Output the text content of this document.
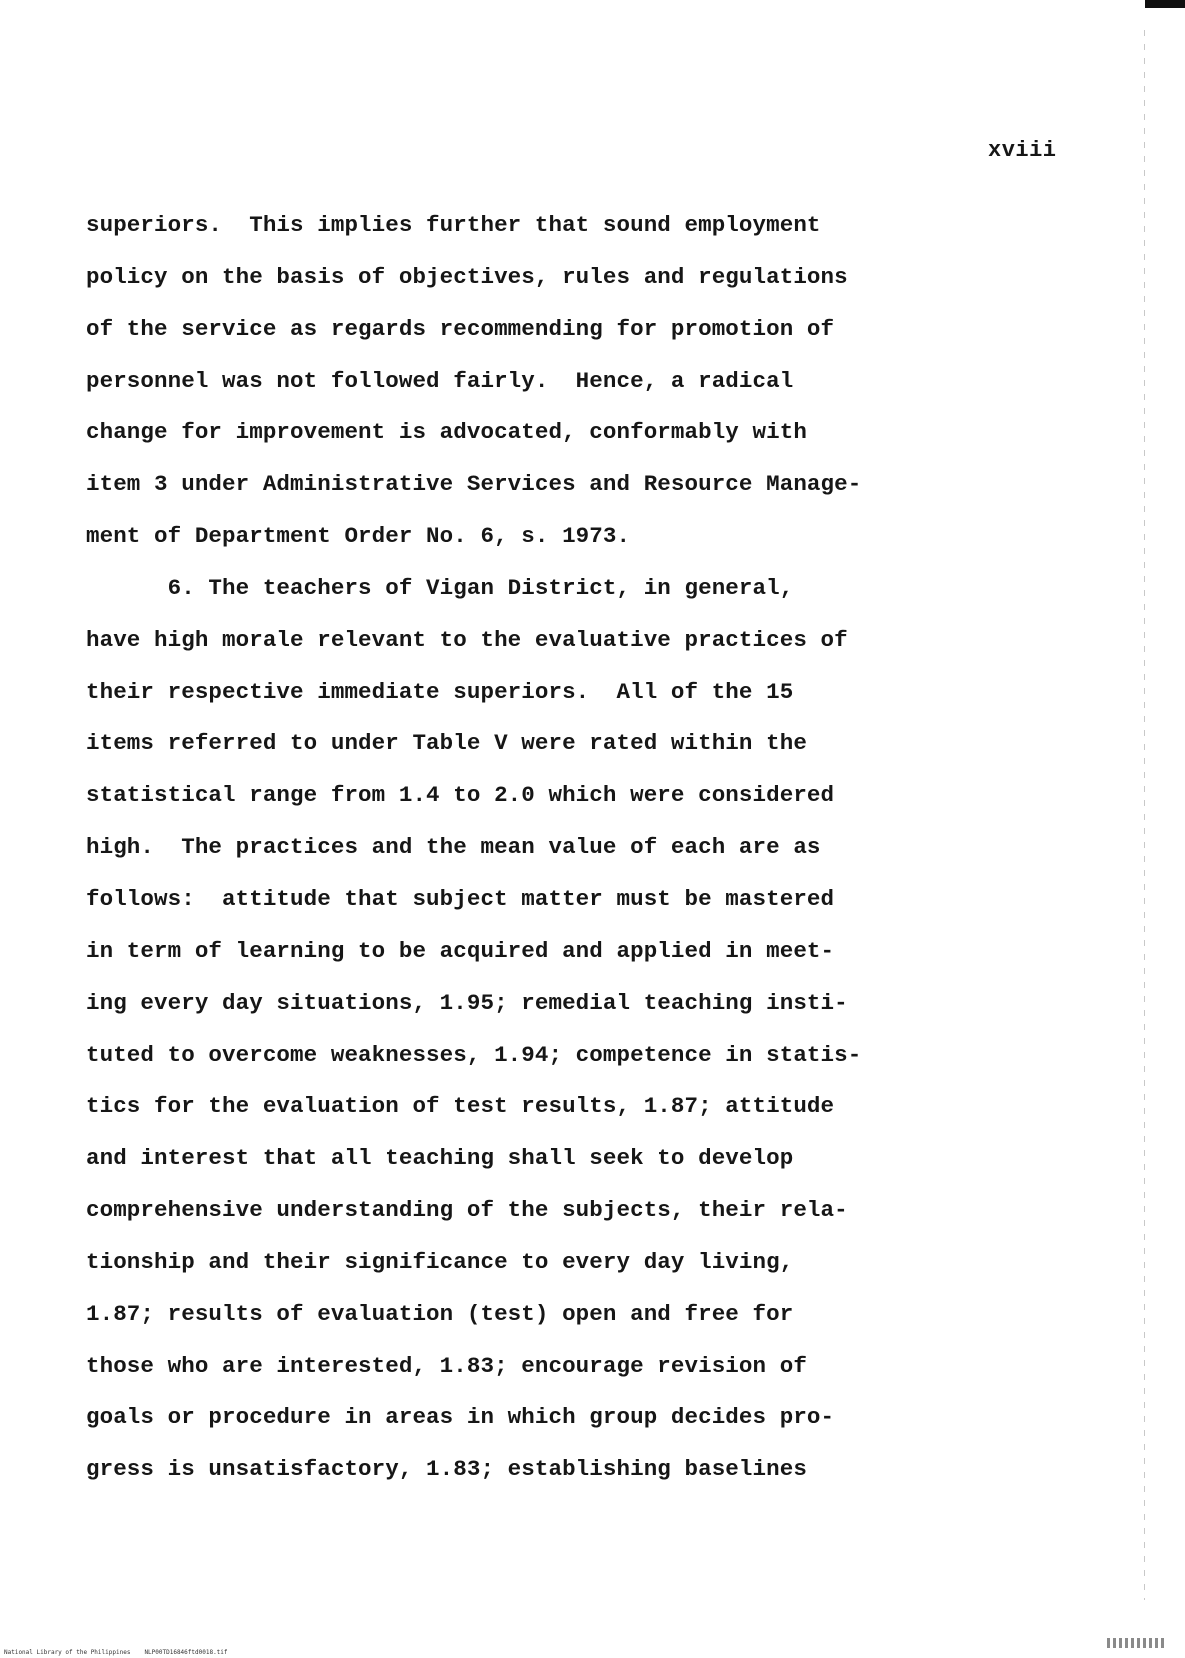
xviii
superiors.  This implies further that sound employment
policy on the basis of objectives, rules and regulations
of the service as regards recommending for promotion of
personnel was not followed fairly.  Hence, a radical
change for improvement is advocated, conformably with
item 3 under Administrative Services and Resource Manage-
ment of Department Order No. 6, s. 1973.
6. The teachers of Vigan District, in general,
have high morale relevant to the evaluative practices of
their respective immediate superiors.  All of the 15
items referred to under Table V were rated within the
statistical range from 1.4 to 2.0 which were considered
high.  The practices and the mean value of each are as
follows:  attitude that subject matter must be mastered
in term of learning to be acquired and applied in meet-
ing every day situations, 1.95; remedial teaching insti-
tuted to overcome weaknesses, 1.94; competence in statis-
tics for the evaluation of test results, 1.87; attitude
and interest that all teaching shall seek to develop
comprehensive understanding of the subjects, their rela-
tionship and their significance to every day living,
1.87; results of evaluation (test) open and free for
those who are interested, 1.83; encourage revision of
goals or procedure in areas in which group decides pro-
gress is unsatisfactory, 1.83; establishing baselines
National Library of the Philippines NLP00TD16846ftd0018.tif
